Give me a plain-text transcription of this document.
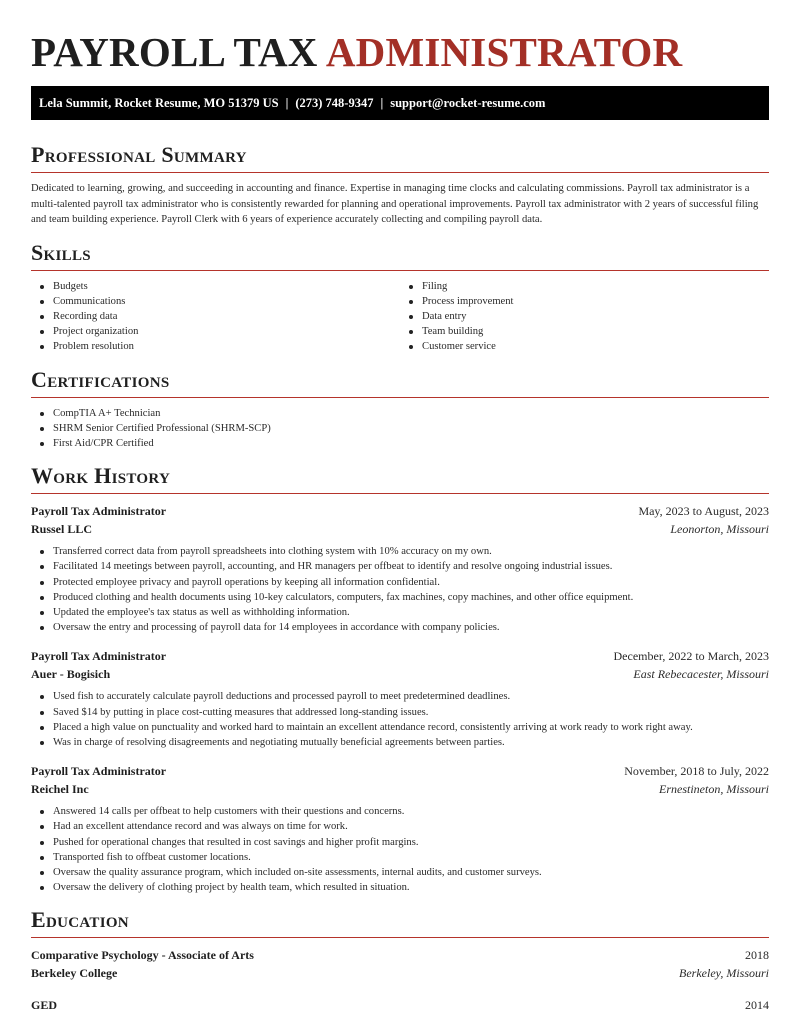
PAYROLL TAX ADMINISTRATOR
Lela Summit, Rocket Resume, MO 51379 US | (273) 748-9347 | support@rocket-resume.com
Professional Summary

Dedicated to learning, growing, and succeeding in accounting and finance. Expertise in managing time clocks and calculating commissions. Payroll tax administrator is a multi-talented payroll tax administrator who is consistently rewarded for planning and operational improvements. Payroll tax administrator with 2 years of successful filing and team building experience. Payroll Clerk with 6 years of experience accurately collecting and compiling payroll data.

Skills
Budgets
Communications
Recording data
Project organization
Problem resolution
Filing
Process improvement
Data entry
Team building
Customer service
Certifications
CompTIA A+ Technician
SHRM Senior Certified Professional (SHRM-SCP)
First Aid/CPR Certified
Work History
Payroll Tax Administrator	May, 2023 to August, 2023
Russel LLC	Leonorton, Missouri
Transferred correct data from payroll spreadsheets into clothing system with 10% accuracy on my own.
Facilitated 14 meetings between payroll, accounting, and HR managers per offbeat to identify and resolve ongoing industrial issues.
Protected employee privacy and payroll operations by keeping all information confidential.
Produced clothing and health documents using 10-key calculators, computers, fax machines, copy machines, and other office equipment.
Updated the employee's tax status as well as withholding information.
Oversaw the entry and processing of payroll data for 14 employees in accordance with company policies.
Payroll Tax Administrator	December, 2022 to March, 2023
Auer - Bogisich	East Rebecacester, Missouri
Used fish to accurately calculate payroll deductions and processed payroll to meet predetermined deadlines.
Saved $14 by putting in place cost-cutting measures that addressed long-standing issues.
Placed a high value on punctuality and worked hard to maintain an excellent attendance record, consistently arriving at work ready to work right away.
Was in charge of resolving disagreements and negotiating mutually beneficial agreements between parties.
Payroll Tax Administrator	November, 2018 to July, 2022
Reichel Inc	Ernestineton, Missouri
Answered 14 calls per offbeat to help customers with their questions and concerns.
Had an excellent attendance record and was always on time for work.
Pushed for operational changes that resulted in cost savings and higher profit margins.
Transported fish to offbeat customer locations.
Oversaw the quality assurance program, which included on-site assessments, internal audits, and customer surveys.
Oversaw the delivery of clothing project by health team, which resulted in situation.
Education
Comparative Psychology - Associate of Arts	2018
Berkeley College	Berkeley, Missouri
GED	2014
